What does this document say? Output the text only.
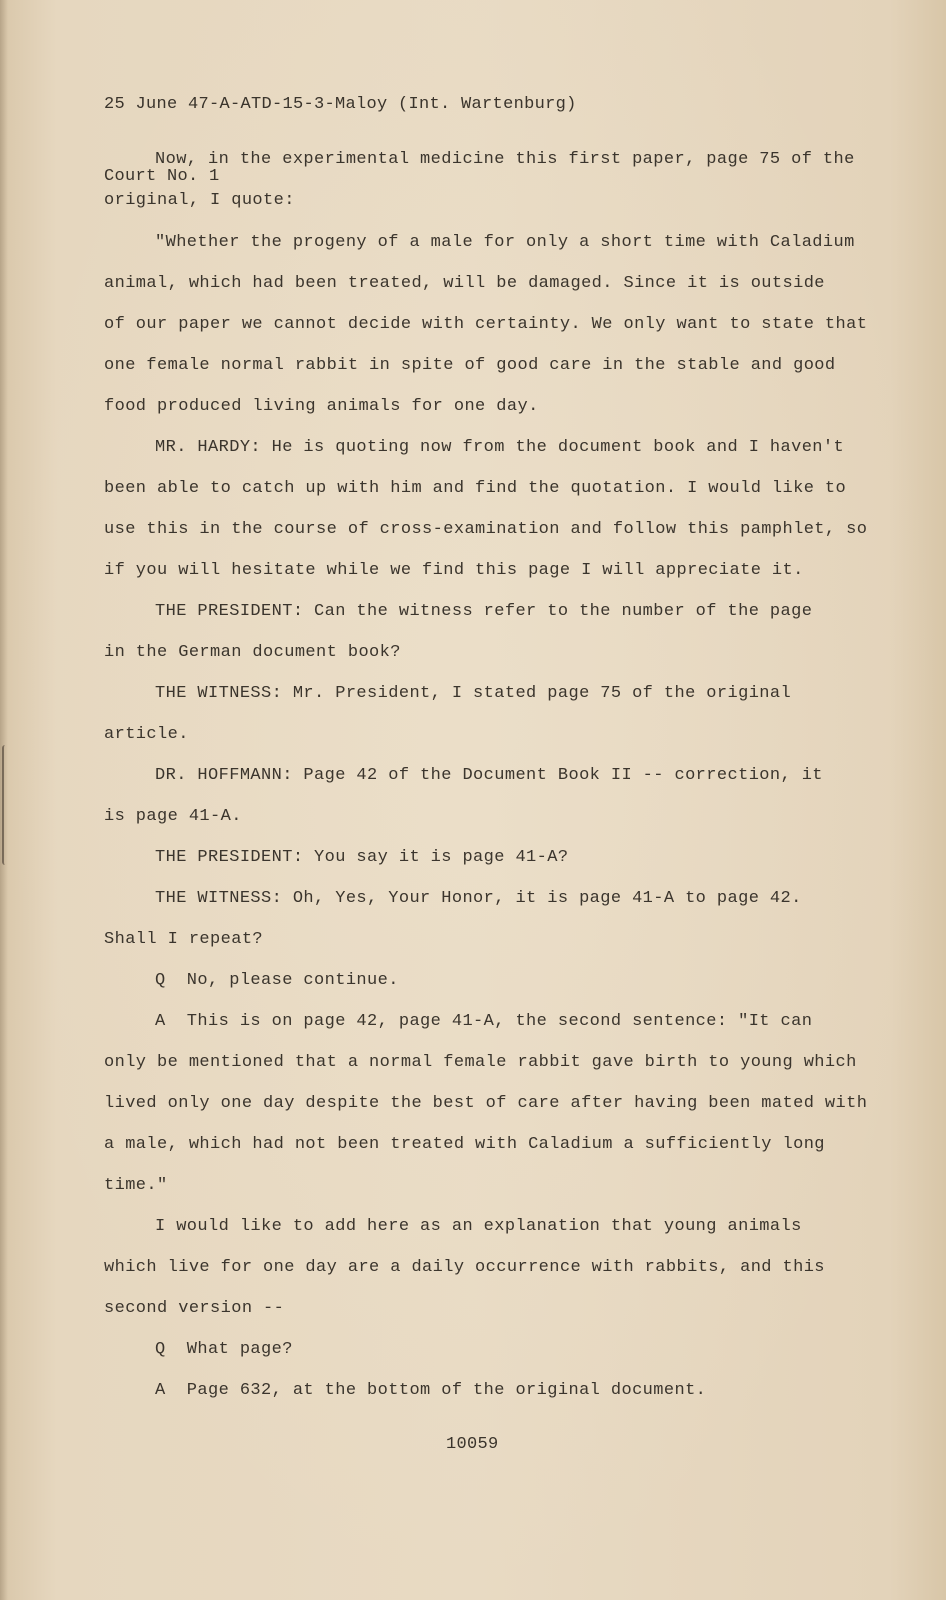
25 June 47-A-ATD-15-3-Maloy (Int. Wartenburg)

Court No. 1

Now, in the experimental medicine this first paper, page 75 of the
original, I quote:
"Whether the progeny of a male for only a short time with Caladium
animal, which had been treated, will be damaged. Since it is outside
of our paper we cannot decide with certainty. We only want to state that
one female normal rabbit in spite of good care in the stable and good
food produced living animals for one day.
MR. HARDY: He is quoting now from the document book and I haven't
been able to catch up with him and find the quotation. I would like to
use this in the course of cross-examination and follow this pamphlet, so
if you will hesitate while we find this page I will appreciate it.
THE PRESIDENT: Can the witness refer to the number of the page
in the German document book?
THE WITNESS: Mr. President, I stated page 75 of the original
article.
DR. HOFFMANN: Page 42 of the Document Book II -- correction, it
is page 41-A.
THE PRESIDENT: You say it is page 41-A?
THE WITNESS: Oh, Yes, Your Honor, it is page 41-A to page 42.
Shall I repeat?
Q  No, please continue.
A  This is on page 42, page 41-A, the second sentence: "It can
only be mentioned that a normal female rabbit gave birth to young which
lived only one day despite the best of care after having been mated with
a male, which had not been treated with Caladium a sufficiently long
time."
I would like to add here as an explanation that young animals
which live for one day are a daily occurrence with rabbits, and this
second version --
Q  What page?
A  Page 632, at the bottom of the original document.
10059
